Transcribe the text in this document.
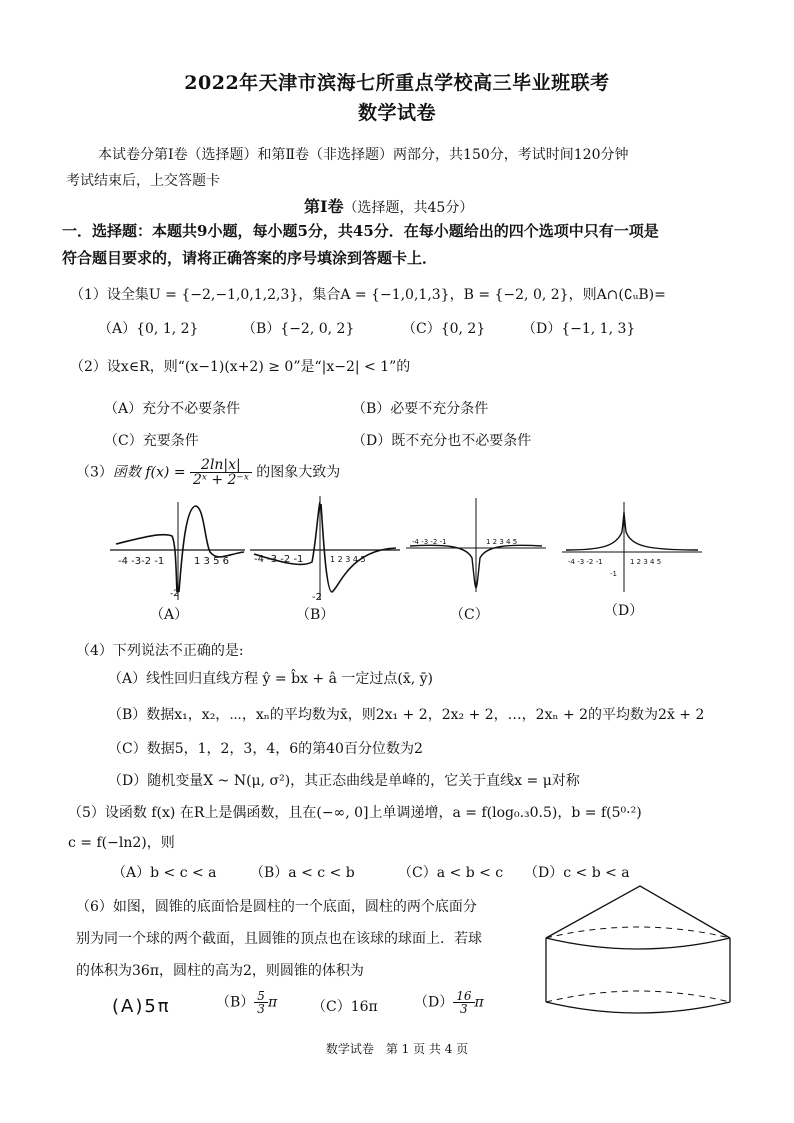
2022年天津市滨海七所重点学校高三毕业班联考
数学试卷
本试卷分第Ⅰ卷（选择题）和第Ⅱ卷（非选择题）两部分，共150分，考试时间120分钟
考试结束后，上交答题卡
第Ⅰ卷（选择题，共45分）
一．选择题：本题共9小题，每小题5分，共45分．在每小题给出的四个选项中只有一项是
符合题目要求的，请将正确答案的序号填涂到答题卡上．
（1）设全集U = {−2,−1,0,1,2,3}，集合A = {−1,0,1,3}，B = {−2, 0, 2}，则A∩(∁ᵤB)=
（A）{0, 1, 2}	（B）{−2, 0, 2}	（C）{0, 2}	（D）{−1, 1, 3}
（2）设x∈R，则“(x−1)(x+2) ≥ 0”是“|x−2| < 1”的
（A）充分不必要条件	（B）必要不充分条件
（C）充要条件	（D）既不充分也不必要条件
（3）函数 $f(x) = \frac{2\ln|x|}{\text{2ˣ + 2⁻ˣ}}$ 的图象大致为
-4 -3-2 -1	1 3 5 6
-2
-4 -3 -2 -1	1 2 3 4 5
-2
-4 -3 -2 -1	1 2 3 4 5
-4 -3 -2 -1	1 2 3 4 5
-1
（A）	（B）	（C）	（D）
（4）下列说法不正确的是:
（A）线性回归直线方程 ŷ = b̂x + â 一定过点(x̄, ȳ)
（B）数据x₁，x₂，⋯，xₙ的平均数为x̄，则2x₁ + 2，2x₂ + 2，…，2xₙ + 2的平均数为2x̄ + 2
（C）数据5，1，2，3，4，6的第40百分位数为2
（D）随机变量X ~ N(μ, σ²)，其正态曲线是单峰的，它关于直线x = μ对称
（5）设函数 f(x) 在R上是偶函数，且在(−∞, 0]上单调递增，a = f(log₀.₃0.5)，b = f(5⁰·²)
c = f(−ln2)，则
（A）b < c < a （B）a < c < b	（C）a < b < c （D）c < b < a
（6）如图，圆锥的底面恰是圆柱的一个底面，圆柱的两个底面分
别为同一个球的两个截面，且圆锥的顶点也在该球的球面上．若球
的体积为36π，圆柱的高为2，则圆锥的体积为
(A)5π	$(B) \frac{5}{3}$ π （C）16π	$(D) \frac{16}{3}$ π
数学试卷　第 1 页 共 4 页
